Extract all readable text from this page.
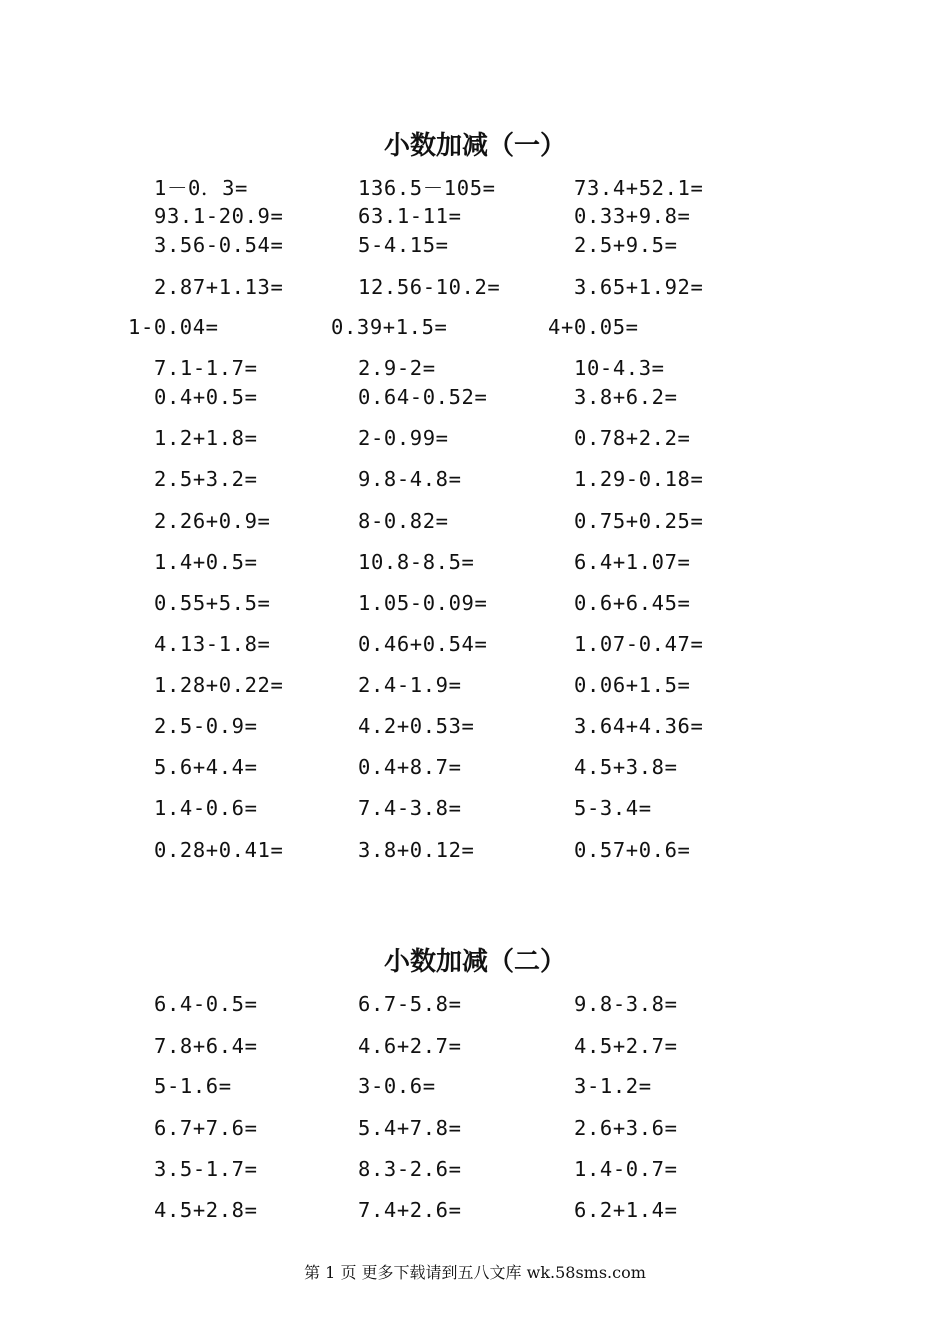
小数加减（一）
1－0．3=	136.5－105=	73.4+52.1=
93.1-20.9=	63.1-11=	0.33+9.8=
3.56-0.54=	5-4.15=	2.5+9.5=
2.87+1.13=	12.56-10.2=	3.65+1.92=
1-0.04=	0.39+1.5=	4+0.05=
7.1-1.7=	2.9-2=	10-4.3=
0.4+0.5=	0.64-0.52=	3.8+6.2=
1.2+1.8=	2-0.99=	0.78+2.2=
2.5+3.2=	9.8-4.8=	1.29-0.18=
2.26+0.9=	8-0.82=	0.75+0.25=
1.4+0.5=	10.8-8.5=	6.4+1.07=
0.55+5.5=	1.05-0.09=	0.6+6.45=
4.13-1.8=	0.46+0.54=	1.07-0.47=
1.28+0.22=	2.4-1.9=	0.06+1.5=
2.5-0.9=	4.2+0.53=	3.64+4.36=
5.6+4.4=	0.4+8.7=	4.5+3.8=
1.4-0.6=	7.4-3.8=	5-3.4=
0.28+0.41=	3.8+0.12=	0.57+0.6=
小数加减（二）
6.4-0.5=	6.7-5.8=	9.8-3.8=
7.8+6.4=	4.6+2.7=	4.5+2.7=
5-1.6=	3-0.6=	3-1.2=
6.7+7.6=	5.4+7.8=	2.6+3.6=
3.5-1.7=	8.3-2.6=	1.4-0.7=
4.5+2.8=	7.4+2.6=	6.2+1.4=
第 1 页 更多下载请到五八文库 wk.58sms.com
